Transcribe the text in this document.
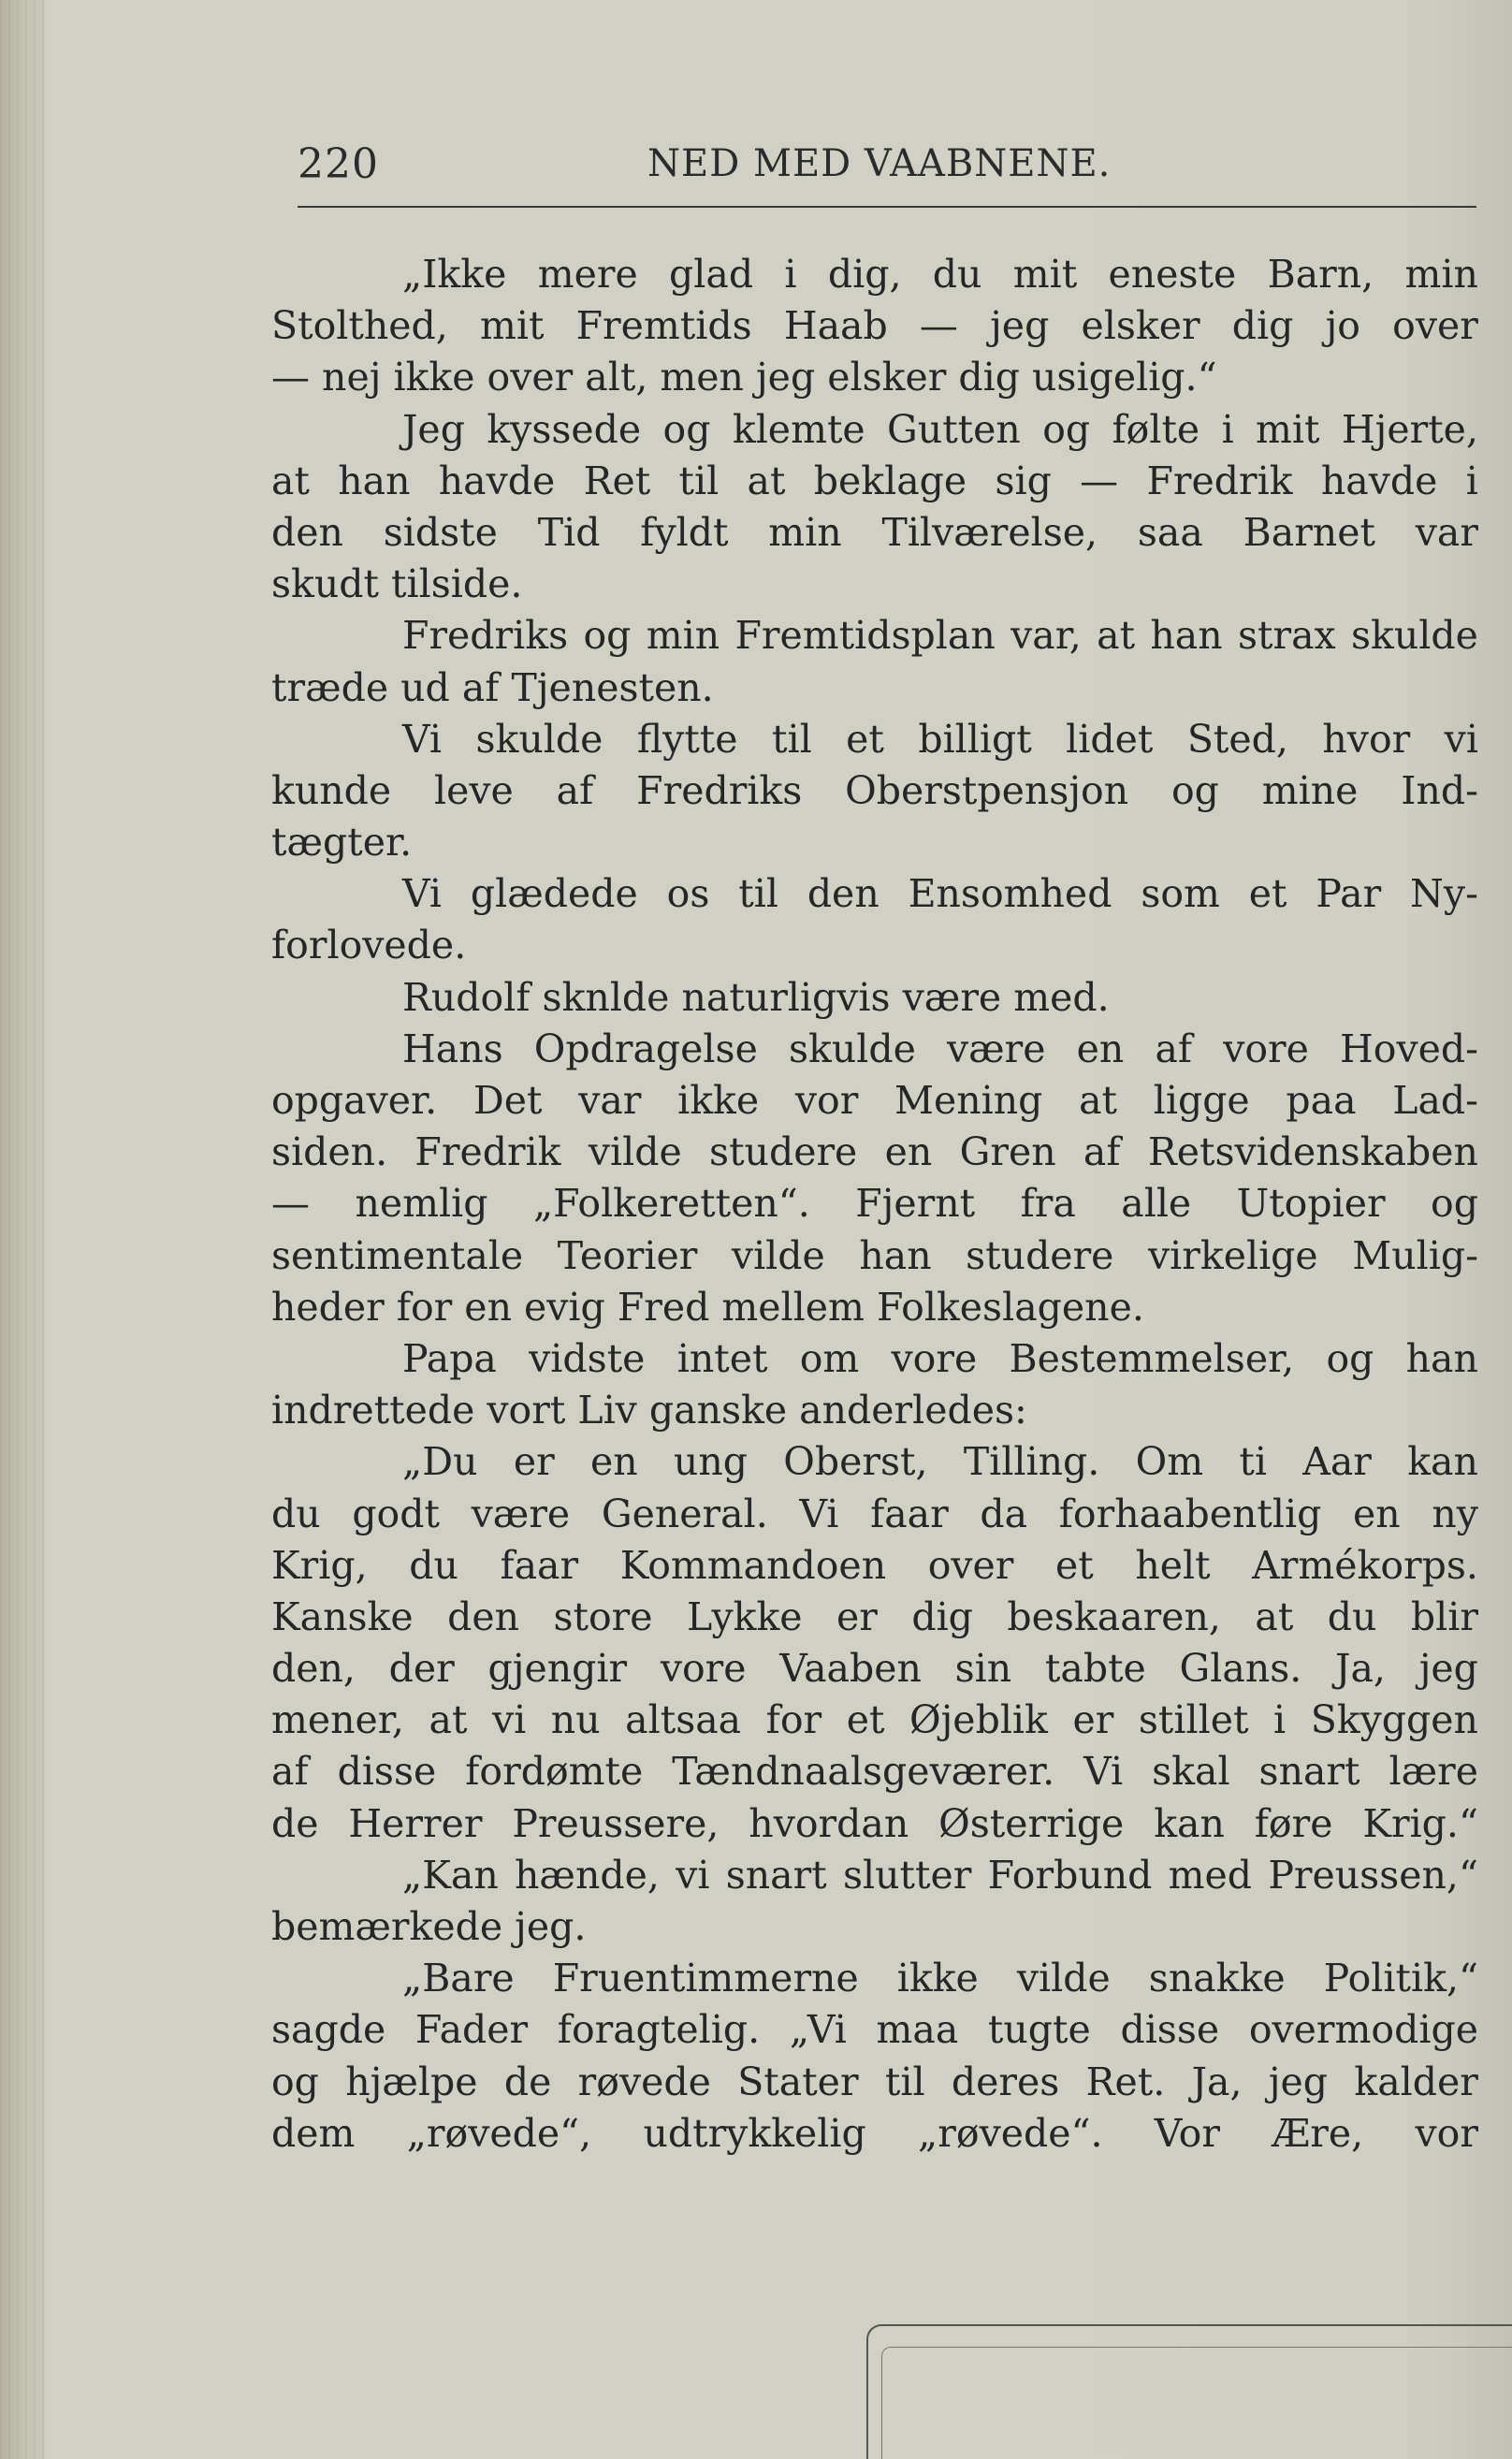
220	NED MED VAABNENE.
„Ikke mere glad i dig, du mit eneste Barn, min
Stolthed, mit Fremtids Haab — jeg elsker dig jo over
— nej ikke over alt, men jeg elsker dig usigelig.“
Jeg kyssede og klemte Gutten og følte i mit Hjerte,
at han havde Ret til at beklage sig — Fredrik havde i
den sidste Tid fyldt min Tilværelse, saa Barnet var
skudt tilside.
Fredriks og min Fremtidsplan var, at han strax skulde
træde ud af Tjenesten.
Vi skulde flytte til et billigt lidet Sted, hvor vi
kunde leve af Fredriks Oberstpensjon og mine Ind-
tægter.
Vi glædede os til den Ensomhed som et Par Ny-
forlovede.
Rudolf sknlde naturligvis være med.
Hans Opdragelse skulde være en af vore Hoved-
opgaver. Det var ikke vor Mening at ligge paa Lad-
siden. Fredrik vilde studere en Gren af Retsvidenskaben
— nemlig „Folkeretten“. Fjernt fra alle Utopier og
sentimentale Teorier vilde han studere virkelige Mulig-
heder for en evig Fred mellem Folkeslagene.
Papa vidste intet om vore Bestemmelser, og han
indrettede vort Liv ganske anderledes:
„Du er en ung Oberst, Tilling. Om ti Aar kan
du godt være General. Vi faar da forhaabentlig en ny
Krig, du faar Kommandoen over et helt Armékorps.
Kanske den store Lykke er dig beskaaren, at du blir
den, der gjengir vore Vaaben sin tabte Glans. Ja, jeg
mener, at vi nu altsaa for et Øjeblik er stillet i Skyggen
af disse fordømte Tændnaalsgeværer. Vi skal snart lære
de Herrer Preussere, hvordan Østerrige kan føre Krig.“
„Kan hænde, vi snart slutter Forbund med Preussen,“
bemærkede jeg.
„Bare Fruentimmerne ikke vilde snakke Politik,“
sagde Fader foragtelig. „Vi maa tugte disse overmodige
og hjælpe de røvede Stater til deres Ret. Ja, jeg kalder
dem „røvede“, udtrykkelig „røvede“. Vor Ære, vor
